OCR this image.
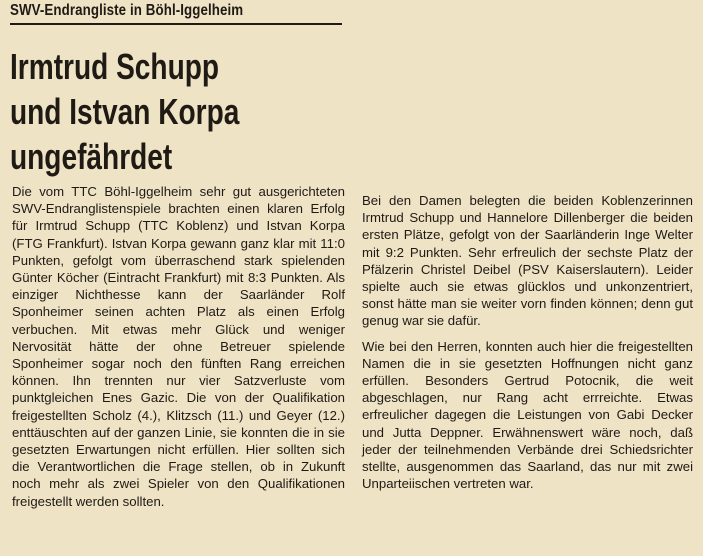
SWV-Endrangliste in Böhl-Iggelheim
Irmtrud Schupp
und Istvan Korpa
ungefährdet

Die vom TTC Böhl-Iggelheim sehr gut ausgerichteten SWV-Endranglistenspiele brachten einen klaren Erfolg für Irmtrud Schupp (TTC Koblenz) und Istvan Korpa (FTG Frankfurt). Istvan Korpa gewann ganz klar mit 11:0 Punkten, gefolgt vom überraschend stark spielenden Günter Köcher (Eintracht Frankfurt) mit 8:3 Punkten. Als einziger Nichthesse kann der Saarländer Rolf Sponheimer seinen achten Platz als einen Erfolg verbuchen. Mit etwas mehr Glück und weniger Nervosität hätte der ohne Betreuer spielende Sponheimer sogar noch den fünften Rang erreichen können. Ihn trennten nur vier Satzverluste vom punktgleichen Enes Gazic. Die von der Qualifikation freigestellten Scholz (4.), Klitzsch (11.) und Geyer (12.) enttäuschten auf der ganzen Linie, sie konnten die in sie gesetzten Erwartungen nicht erfüllen. Hier sollten sich die Verantwortlichen die Frage stellen, ob in Zukunft noch mehr als zwei Spieler von den Qualifikationen freigestellt werden sollten.

Bei den Damen belegten die beiden Koblenzerinnen Irmtrud Schupp und Hannelore Dillenberger die beiden ersten Plätze, gefolgt von der Saarländerin Inge Welter mit 9:2 Punkten. Sehr erfreulich der sechste Platz der Pfälzerin Christel Deibel (PSV Kaiserslautern). Leider spielte auch sie etwas glücklos und unkonzentriert, sonst hätte man sie weiter vorn finden können; denn gut genug war sie dafür.

Wie bei den Herren, konnten auch hier die freigestellten Namen die in sie gesetzten Hoffnungen nicht ganz erfüllen. Besonders Gertrud Potocnik, die weit abgeschlagen, nur Rang acht errreichte. Etwas erfreulicher dagegen die Leistungen von Gabi Decker und Jutta Deppner. Erwähnenswert wäre noch, daß jeder der teilnehmenden Verbände drei Schiedsrichter stellte, ausgenommen das Saarland, das nur mit zwei Unparteiischen vertreten war.
